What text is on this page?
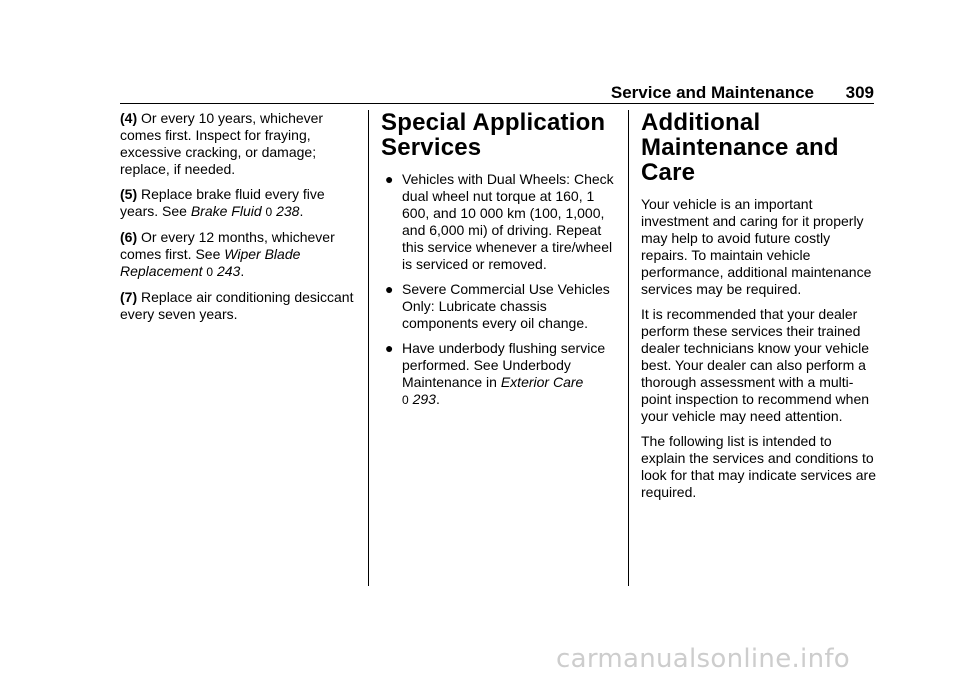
Service and Maintenance 309

(4) Or every 10 years, whichever comes first. Inspect for fraying, excessive cracking, or damage; replace, if needed.

(5) Replace brake fluid every five years. See Brake Fluid 0 238.

(6) Or every 12 months, whichever comes first. See Wiper Blade Replacement 0 243.

(7) Replace air conditioning desiccant every seven years.

Special Application Services
● Vehicles with Dual Wheels: Check dual wheel nut torque at 160, 1 600, and 10 000 km (100, 1,000, and 6,000 mi) of driving. Repeat this service whenever a tire/wheel is serviced or removed.
● Severe Commercial Use Vehicles Only: Lubricate chassis components every oil change.
● Have underbody flushing service performed. See Underbody Maintenance in Exterior Care
0 293.
Additional Maintenance and Care

Your vehicle is an important investment and caring for it properly may help to avoid future costly repairs. To maintain vehicle performance, additional maintenance services may be required.

It is recommended that your dealer perform these services their trained dealer technicians know your vehicle best. Your dealer can also perform a thorough assessment with a multi-point inspection to recommend when your vehicle may need attention.

The following list is intended to explain the services and conditions to look for that may indicate services are required.

carmanualsonline.info
